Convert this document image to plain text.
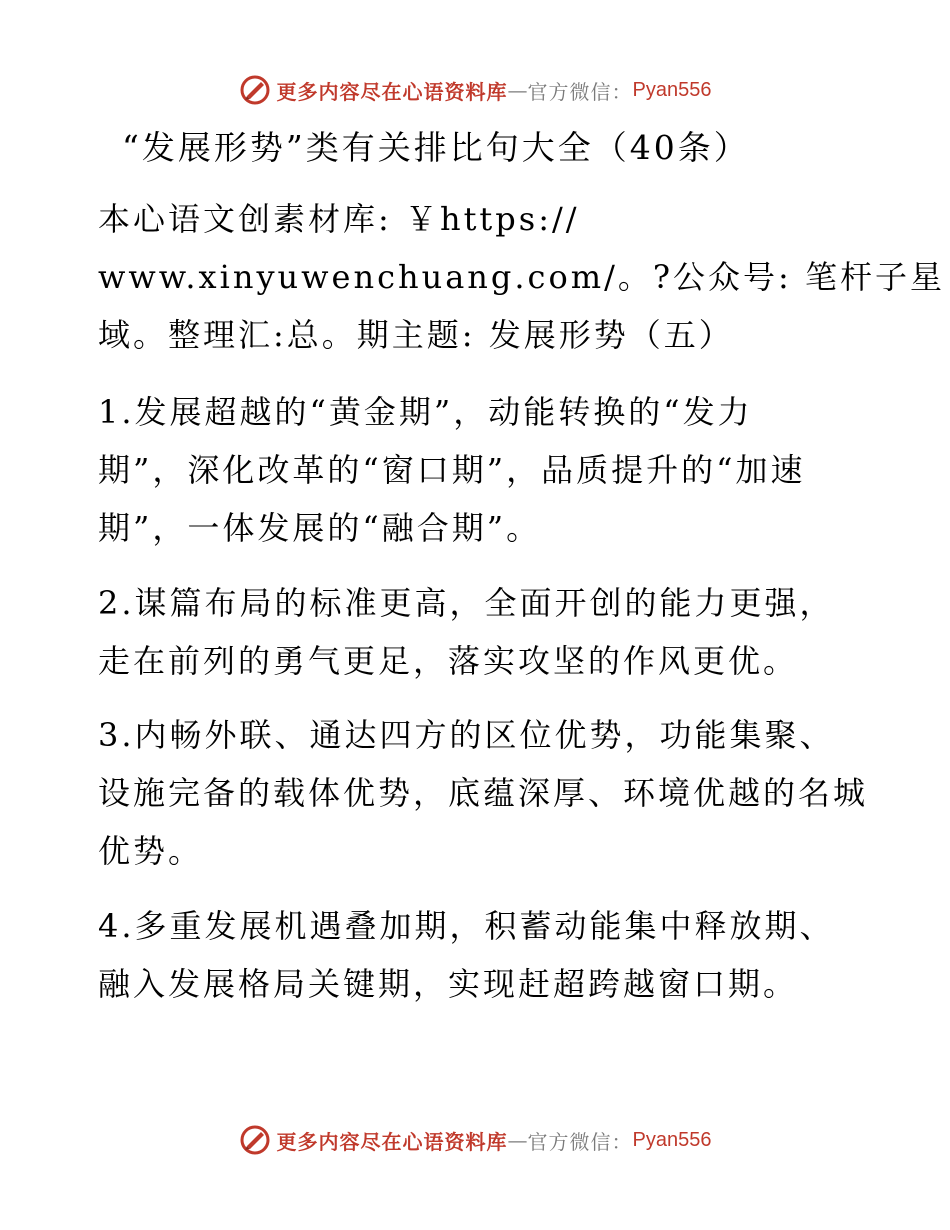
更多内容尽在心语资料库 — 官方微信： Pyan556
“发展形势”类有关排比句大全（40条）

本心语文创素材库: ￥https://
www.xinyuwenchuang.com/。?公众号: 笔杆子星
域。整理汇:总。期主题: 发展形势（五）

1.发展超越的“黄金期”，动能转换的“发力
期”，深化改革的“窗口期”，品质提升的“加速
期”，一体发展的“融合期”。

2.谋篇布局的标准更高，全面开创的能力更强，
走在前列的勇气更足，落实攻坚的作风更优。

3.内畅外联、通达四方的区位优势，功能集聚、
设施完备的载体优势，底蕴深厚、环境优越的名城
优势。

4.多重发展机遇叠加期，积蓄动能集中释放期、
融入发展格局关键期，实现赶超跨越窗口期。

更多内容尽在心语资料库 — 官方微信： Pyan556
